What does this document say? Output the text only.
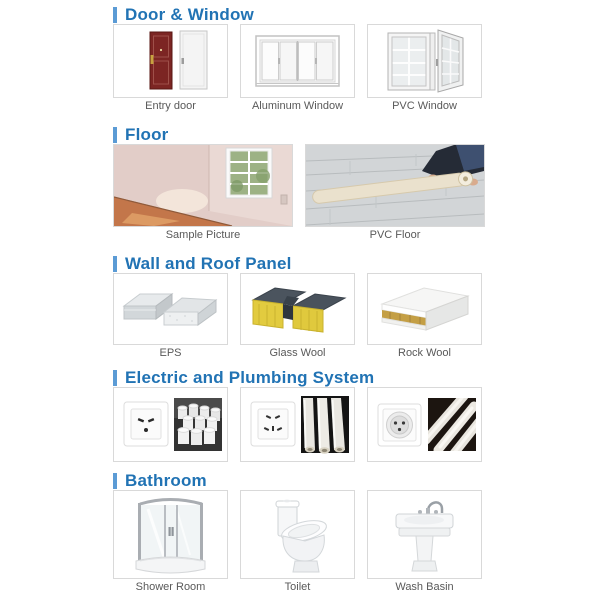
Door & Window
Entry door	Aluminum Window	PVC Window
Floor
Sample Picture	PVC Floor
Wall and Roof Panel
EPS	Glass Wool	Rock Wool
Electric and Plumbing System
Bathroom
Shower Room	Toilet	Wash Basin
